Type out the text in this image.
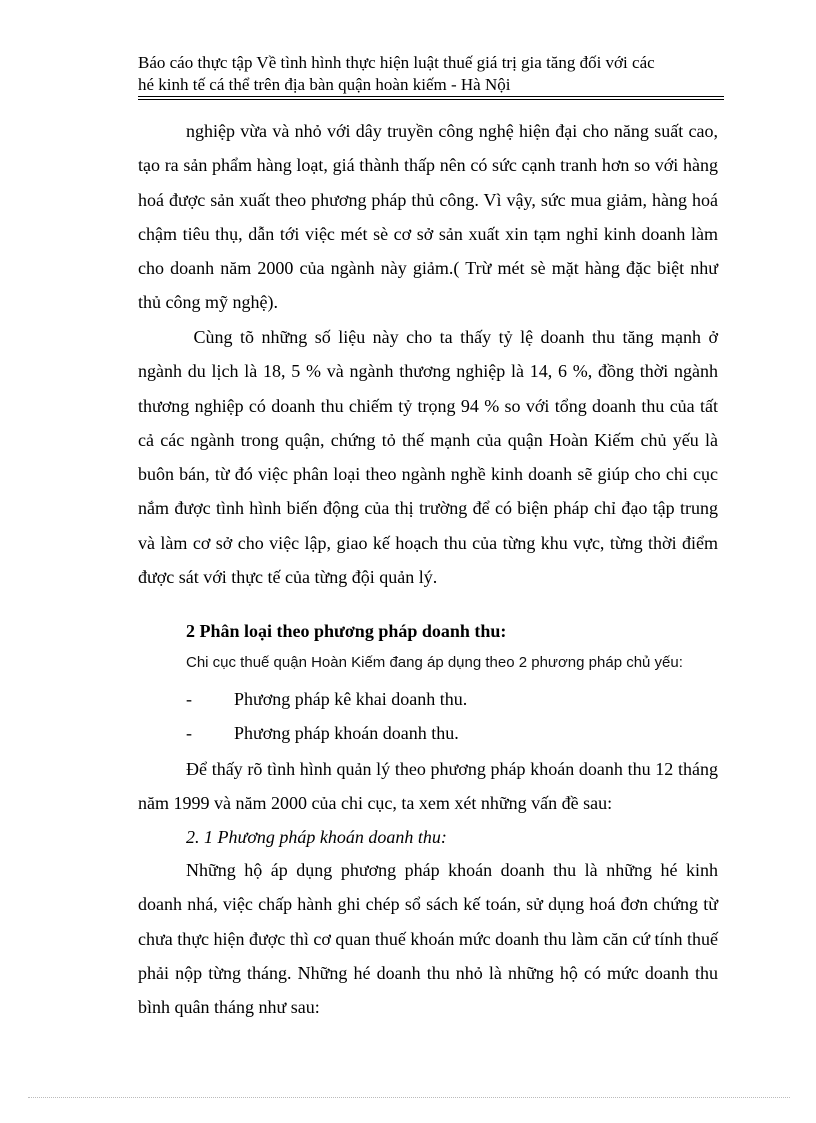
Báo cáo thực tập Về tình hình thực hiện luật thuế giá trị gia tăng đối với các
hé kinh tế cá thể trên địa bàn quận hoàn kiếm - Hà Nội

nghiệp vừa và nhỏ với dây truyền công nghệ hiện đại cho năng suất cao, tạo ra sản phẩm hàng loạt, giá thành thấp nên có sức cạnh tranh hơn so với hàng hoá được sản xuất theo phương pháp thủ công. Vì vậy, sức mua giảm, hàng hoá chậm tiêu thụ, dẫn tới việc mét sè cơ sở sản xuất xin tạm nghỉ kinh doanh làm cho doanh năm 2000 của ngành này giảm.( Trừ mét sè mặt hàng đặc biệt như thủ công mỹ nghệ).

Cùng tõ những số liệu này cho ta thấy tỷ lệ doanh thu tăng mạnh ở ngành du lịch là 18, 5 % và ngành thương nghiệp là 14, 6 %, đồng thời ngành thương nghiệp có doanh thu chiếm tỷ trọng 94 % so với tổng doanh thu của tất cả các ngành trong quận, chứng tỏ thế mạnh của quận Hoàn Kiếm chủ yếu là buôn bán, từ đó việc phân loại theo ngành nghề kinh doanh sẽ giúp cho chi cục nắm được tình hình biến động của thị trường để có biện pháp chỉ đạo tập trung và làm cơ sở cho việc lập, giao kế hoạch thu của từng khu vực, từng thời điểm được sát với thực tế của từng đội quản lý.

2 Phân loại theo phương pháp doanh thu:

Chi cục thuế quận Hoàn Kiếm đang áp dụng theo 2 phương pháp chủ yếu:
- Phương pháp kê khai doanh thu.
- Phương pháp khoán doanh thu.

Để thấy rõ tình hình quản lý theo phương pháp khoán doanh thu 12 tháng năm 1999 và năm 2000 của chi cục, ta xem xét những vấn đề sau:

2. 1 Phương pháp khoán doanh thu:

Những hộ áp dụng phương pháp khoán doanh thu là những hé kinh doanh nhá, việc chấp hành ghi chép sổ sách kế toán, sử dụng hoá đơn chứng từ chưa thực hiện được thì cơ quan thuế khoán mức doanh thu làm căn cứ tính thuế phải nộp từng tháng. Những hé doanh thu nhỏ là những hộ có mức doanh thu bình quân tháng như sau:
